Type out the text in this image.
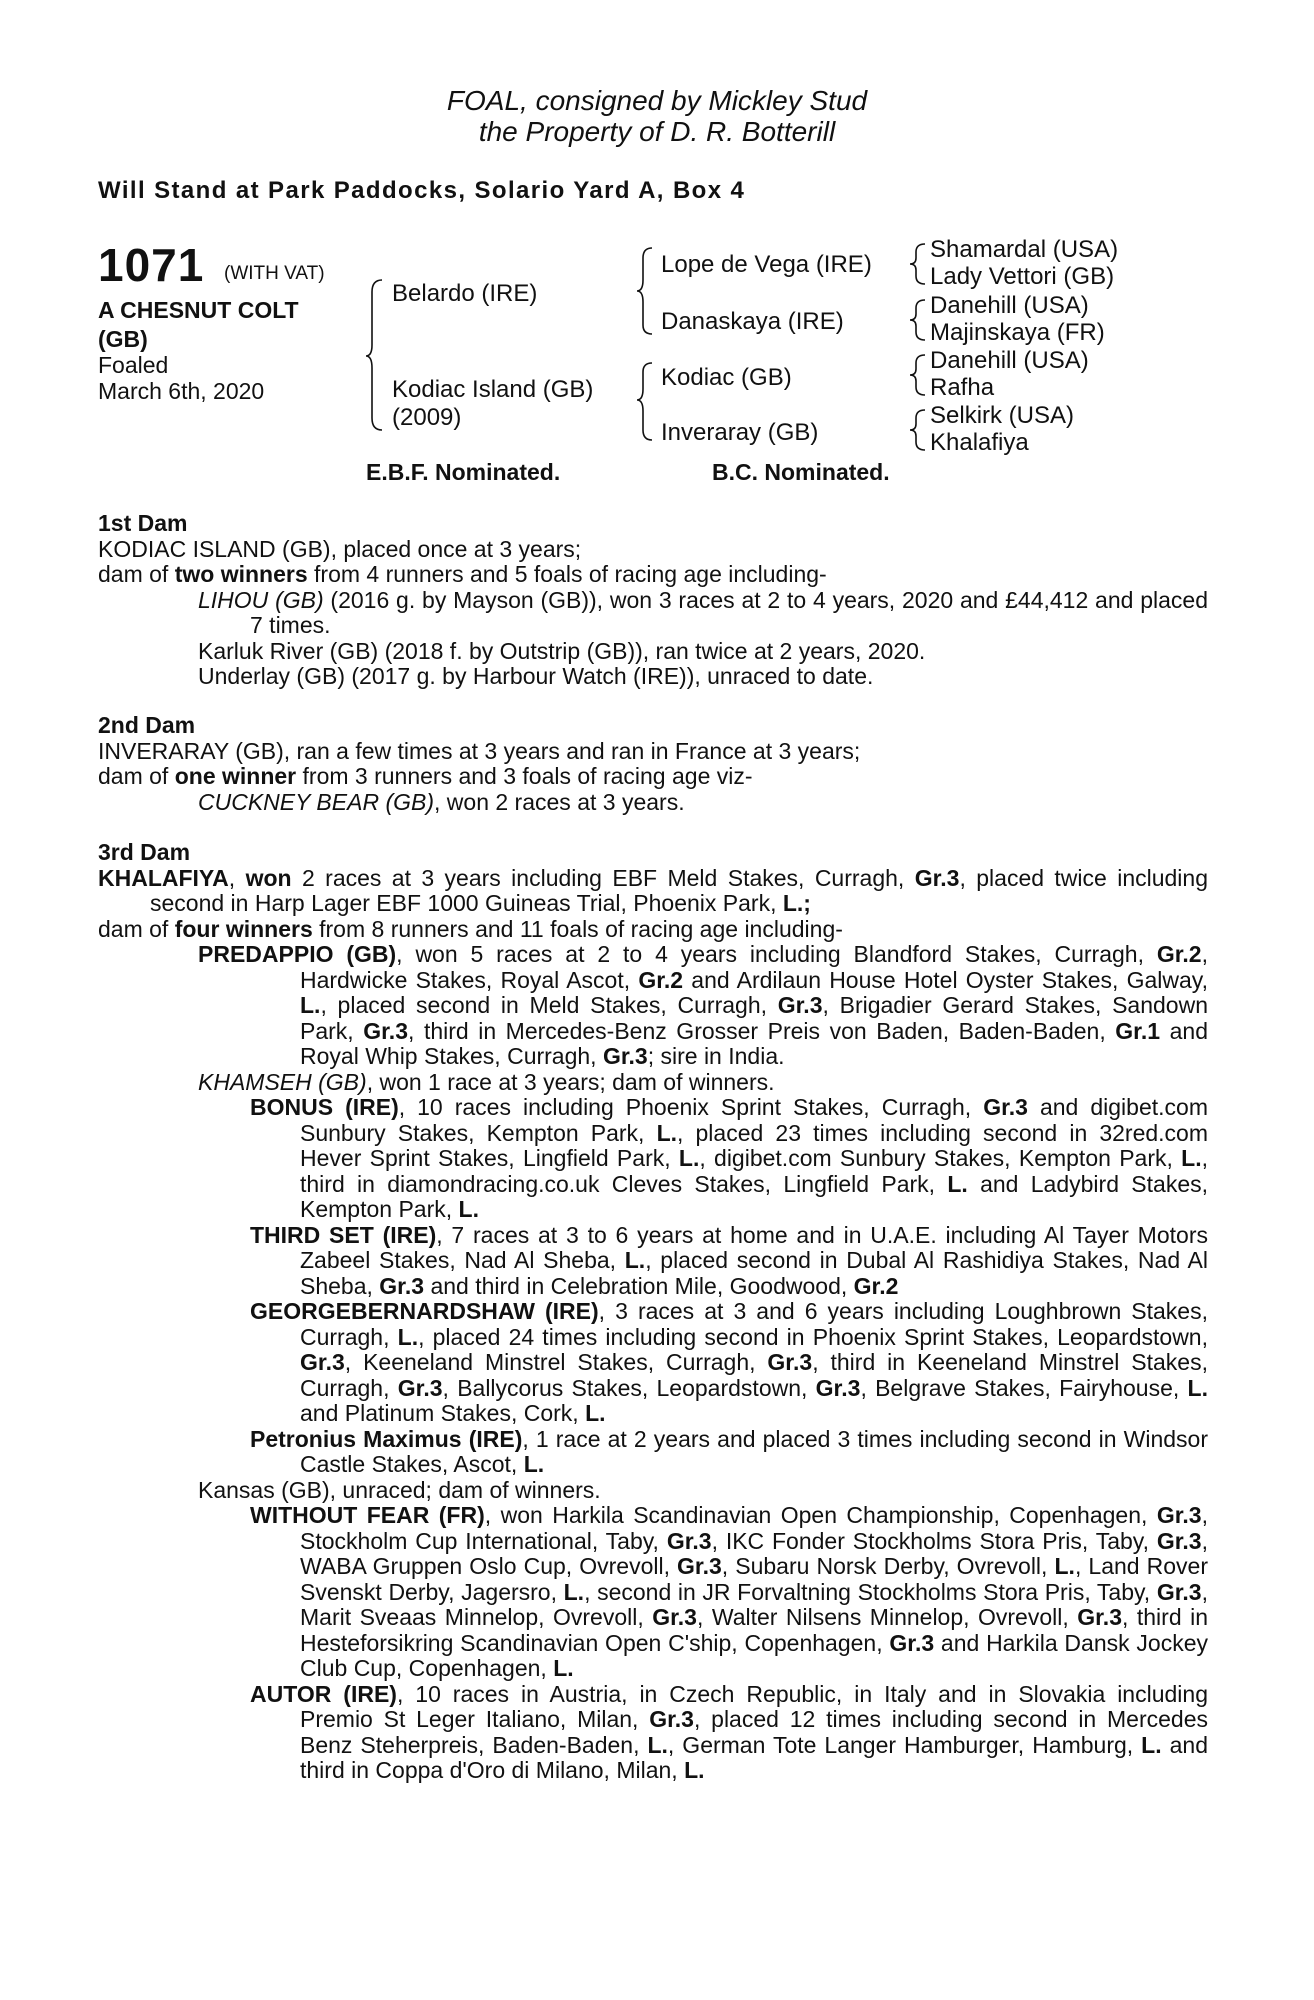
FOAL, consigned by Mickley Stud
the Property of D. R. Botterill
Will Stand at Park Paddocks, Solario Yard A, Box 4
1071 (WITH VAT)
A CHESNUT COLT
(GB)
Foaled
March 6th, 2020
Belardo (IRE)
Kodiac Island (GB)
(2009)
Lope de Vega (IRE)
Danaskaya (IRE)
Kodiac (GB)
Inveraray (GB)
Shamardal (USA)
Lady Vettori (GB)
Danehill (USA)
Majinskaya (FR)
Danehill (USA)
Rafha
Selkirk (USA)
Khalafiya
E.B.F. Nominated.	B.C. Nominated.
1st Dam

KODIAC ISLAND (GB), placed once at 3 years;

dam of two winners from 4 runners and 5 foals of racing age including-

LIHOU (GB) (2016 g. by Mayson (GB)), won 3 races at 2 to 4 years, 2020 and £44,412 and placed 7 times.

Karluk River (GB) (2018 f. by Outstrip (GB)), ran twice at 2 years, 2020.

Underlay (GB) (2017 g. by Harbour Watch (IRE)), unraced to date.

2nd Dam

INVERARAY (GB), ran a few times at 3 years and ran in France at 3 years;

dam of one winner from 3 runners and 3 foals of racing age viz-

CUCKNEY BEAR (GB), won 2 races at 3 years.

3rd Dam

KHALAFIYA, won 2 races at 3 years including EBF Meld Stakes, Curragh, Gr.3, placed twice including second in Harp Lager EBF 1000 Guineas Trial, Phoenix Park, L.;

dam of four winners from 8 runners and 11 foals of racing age including-

PREDAPPIO (GB), won 5 races at 2 to 4 years including Blandford Stakes, Curragh, Gr.2, Hardwicke Stakes, Royal Ascot, Gr.2 and Ardilaun House Hotel Oyster Stakes, Galway, L., placed second in Meld Stakes, Curragh, Gr.3, Brigadier Gerard Stakes, Sandown Park, Gr.3, third in Mercedes-Benz Grosser Preis von Baden, Baden-Baden, Gr.1 and Royal Whip Stakes, Curragh, Gr.3; sire in India.

KHAMSEH (GB), won 1 race at 3 years; dam of winners.

BONUS (IRE), 10 races including Phoenix Sprint Stakes, Curragh, Gr.3 and digibet.com Sunbury Stakes, Kempton Park, L., placed 23 times including second in 32red.com Hever Sprint Stakes, Lingfield Park, L., digibet.com Sunbury Stakes, Kempton Park, L., third in diamondracing.co.uk Cleves Stakes, Lingfield Park, L. and Ladybird Stakes, Kempton Park, L.

THIRD SET (IRE), 7 races at 3 to 6 years at home and in U.A.E. including Al Tayer Motors Zabeel Stakes, Nad Al Sheba, L., placed second in Dubal Al Rashidiya Stakes, Nad Al Sheba, Gr.3 and third in Celebration Mile, Goodwood, Gr.2

GEORGEBERNARDSHAW (IRE), 3 races at 3 and 6 years including Loughbrown Stakes, Curragh, L., placed 24 times including second in Phoenix Sprint Stakes, Leopardstown, Gr.3, Keeneland Minstrel Stakes, Curragh, Gr.3, third in Keeneland Minstrel Stakes, Curragh, Gr.3, Ballycorus Stakes, Leopardstown, Gr.3, Belgrave Stakes, Fairyhouse, L. and Platinum Stakes, Cork, L.

Petronius Maximus (IRE), 1 race at 2 years and placed 3 times including second in Windsor Castle Stakes, Ascot, L.

Kansas (GB), unraced; dam of winners.

WITHOUT FEAR (FR), won Harkila Scandinavian Open Championship, Copenhagen, Gr.3, Stockholm Cup International, Taby, Gr.3, IKC Fonder Stockholms Stora Pris, Taby, Gr.3, WABA Gruppen Oslo Cup, Ovrevoll, Gr.3, Subaru Norsk Derby, Ovrevoll, L., Land Rover Svenskt Derby, Jagersro, L., second in JR Forvaltning Stockholms Stora Pris, Taby, Gr.3, Marit Sveaas Minnelop, Ovrevoll, Gr.3, Walter Nilsens Minnelop, Ovrevoll, Gr.3, third in Hesteforsikring Scandinavian Open C'ship, Copenhagen, Gr.3 and Harkila Dansk Jockey Club Cup, Copenhagen, L.

AUTOR (IRE), 10 races in Austria, in Czech Republic, in Italy and in Slovakia including Premio St Leger Italiano, Milan, Gr.3, placed 12 times including second in Mercedes Benz Steherpreis, Baden-Baden, L., German Tote Langer Hamburger, Hamburg, L. and third in Coppa d'Oro di Milano, Milan, L.
